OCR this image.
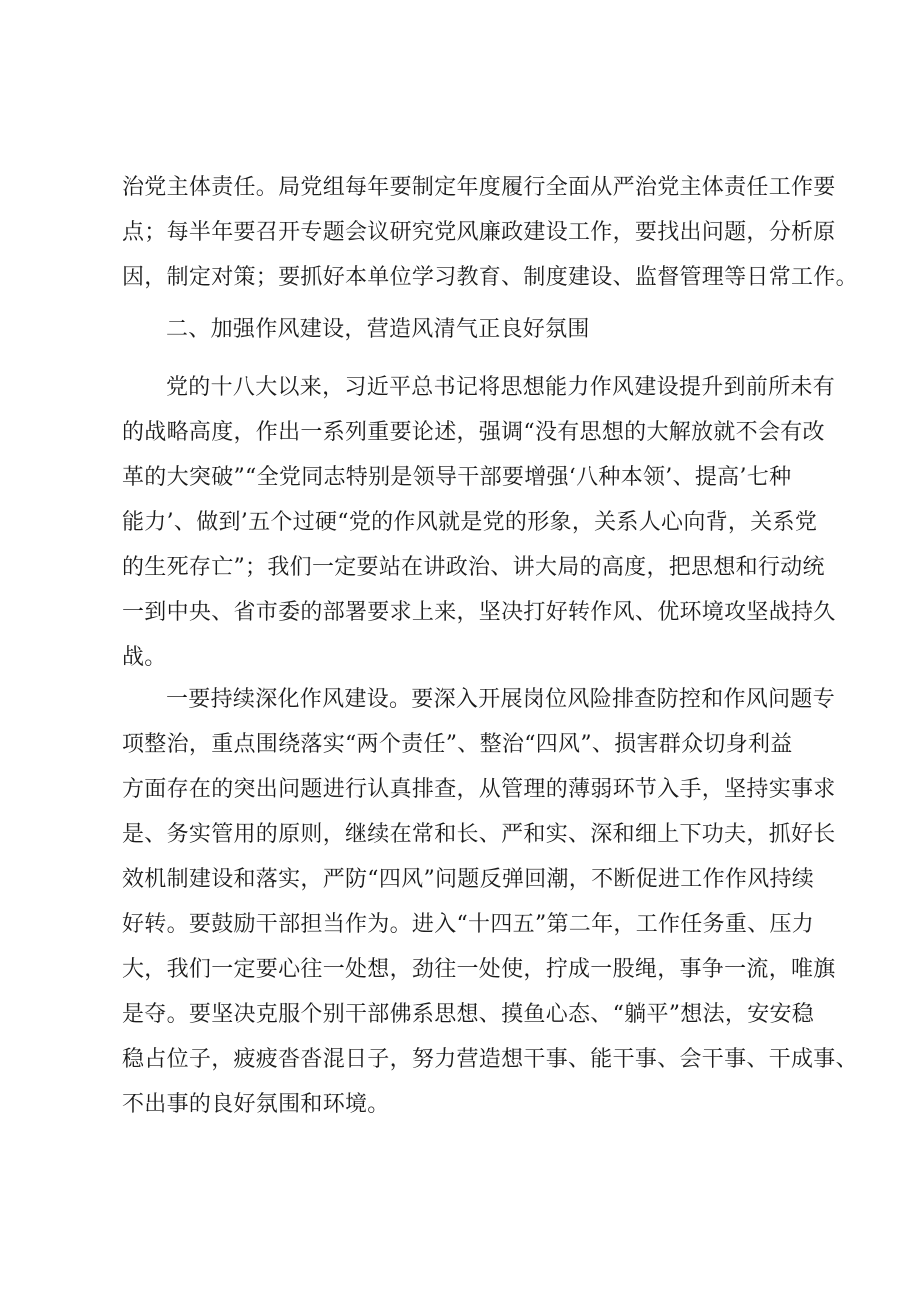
治党主体责任。局党组每年要制定年度履行全面从严治党主体责任工作要
点；每半年要召开专题会议研究党风廉政建设工作，要找出问题，分析原
因，制定对策；要抓好本单位学习教育、制度建设、监督管理等日常工作。
二、加强作风建设，营造风清气正良好氛围
党的十八大以来，习近平总书记将思想能力作风建设提升到前所未有
的战略高度，作出一系列重要论述，强调“没有思想的大解放就不会有改
革的大突破”“全党同志特别是领导干部要增强‘八种本领’、提高’七种
能力’、做到’五个过硬“党的作风就是党的形象，关系人心向背，关系党
的生死存亡”；我们一定要站在讲政治、讲大局的高度，把思想和行动统
一到中央、省市委的部署要求上来，坚决打好转作风、优环境攻坚战持久
战。
一要持续深化作风建设。要深入开展岗位风险排查防控和作风问题专
项整治，重点围绕落实“两个责任”、整治“四风”、损害群众切身利益
方面存在的突出问题进行认真排查，从管理的薄弱环节入手，坚持实事求
是、务实管用的原则，继续在常和长、严和实、深和细上下功夫，抓好长
效机制建设和落实，严防“四风”问题反弹回潮，不断促进工作作风持续
好转。要鼓励干部担当作为。进入“十四五”第二年，工作任务重、压力
大，我们一定要心往一处想，劲往一处使，拧成一股绳，事争一流，唯旗
是夺。要坚决克服个别干部佛系思想、摸鱼心态、“躺平”想法，安安稳
稳占位子，疲疲沓沓混日子，努力营造想干事、能干事、会干事、干成事、
不出事的良好氛围和环境。
